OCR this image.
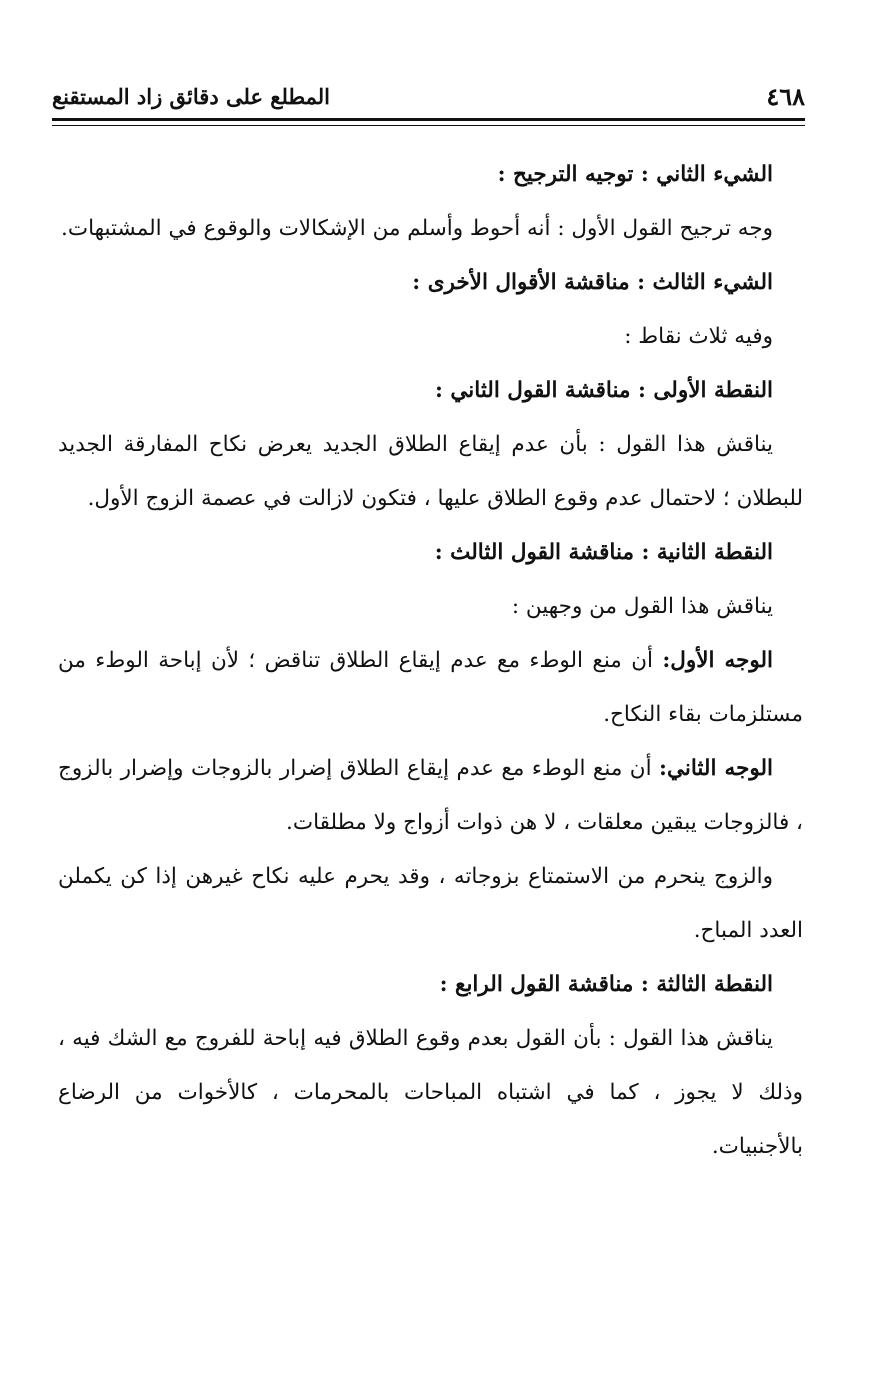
٤٦٨
المطلع على دقائق زاد المستقنع

الشيء الثاني : توجيه الترجيح :

وجه ترجيح القول الأول : أنه أحوط وأسلم من الإشكالات والوقوع في المشتبهات.

الشيء الثالث : مناقشة الأقوال الأخرى :

وفيه ثلاث نقاط :

النقطة الأولى : مناقشة القول الثاني :

يناقش هذا القول : بأن عدم إيقاع الطلاق الجديد يعرض نكاح المفارقة الجديد للبطلان ؛ لاحتمال عدم وقوع الطلاق عليها ، فتكون لازالت في عصمة الزوج الأول.

النقطة الثانية : مناقشة القول الثالث :

يناقش هذا القول من وجهين :

الوجه الأول: أن منع الوطء مع عدم إيقاع الطلاق تناقض ؛ لأن إباحة الوطء من مستلزمات بقاء النكاح.

الوجه الثاني: أن منع الوطء مع عدم إيقاع الطلاق إضرار بالزوجات وإضرار بالزوج ، فالزوجات يبقين معلقات ، لا هن ذوات أزواج ولا مطلقات.

والزوج ينحرم من الاستمتاع بزوجاته ، وقد يحرم عليه نكاح غيرهن إذا كن يكملن العدد المباح.

النقطة الثالثة : مناقشة القول الرابع :

يناقش هذا القول : بأن القول بعدم وقوع الطلاق فيه إباحة للفروج مع الشك فيه ، وذلك لا يجوز ، كما في اشتباه المباحات بالمحرمات ، كالأخوات من الرضاع بالأجنبيات.
